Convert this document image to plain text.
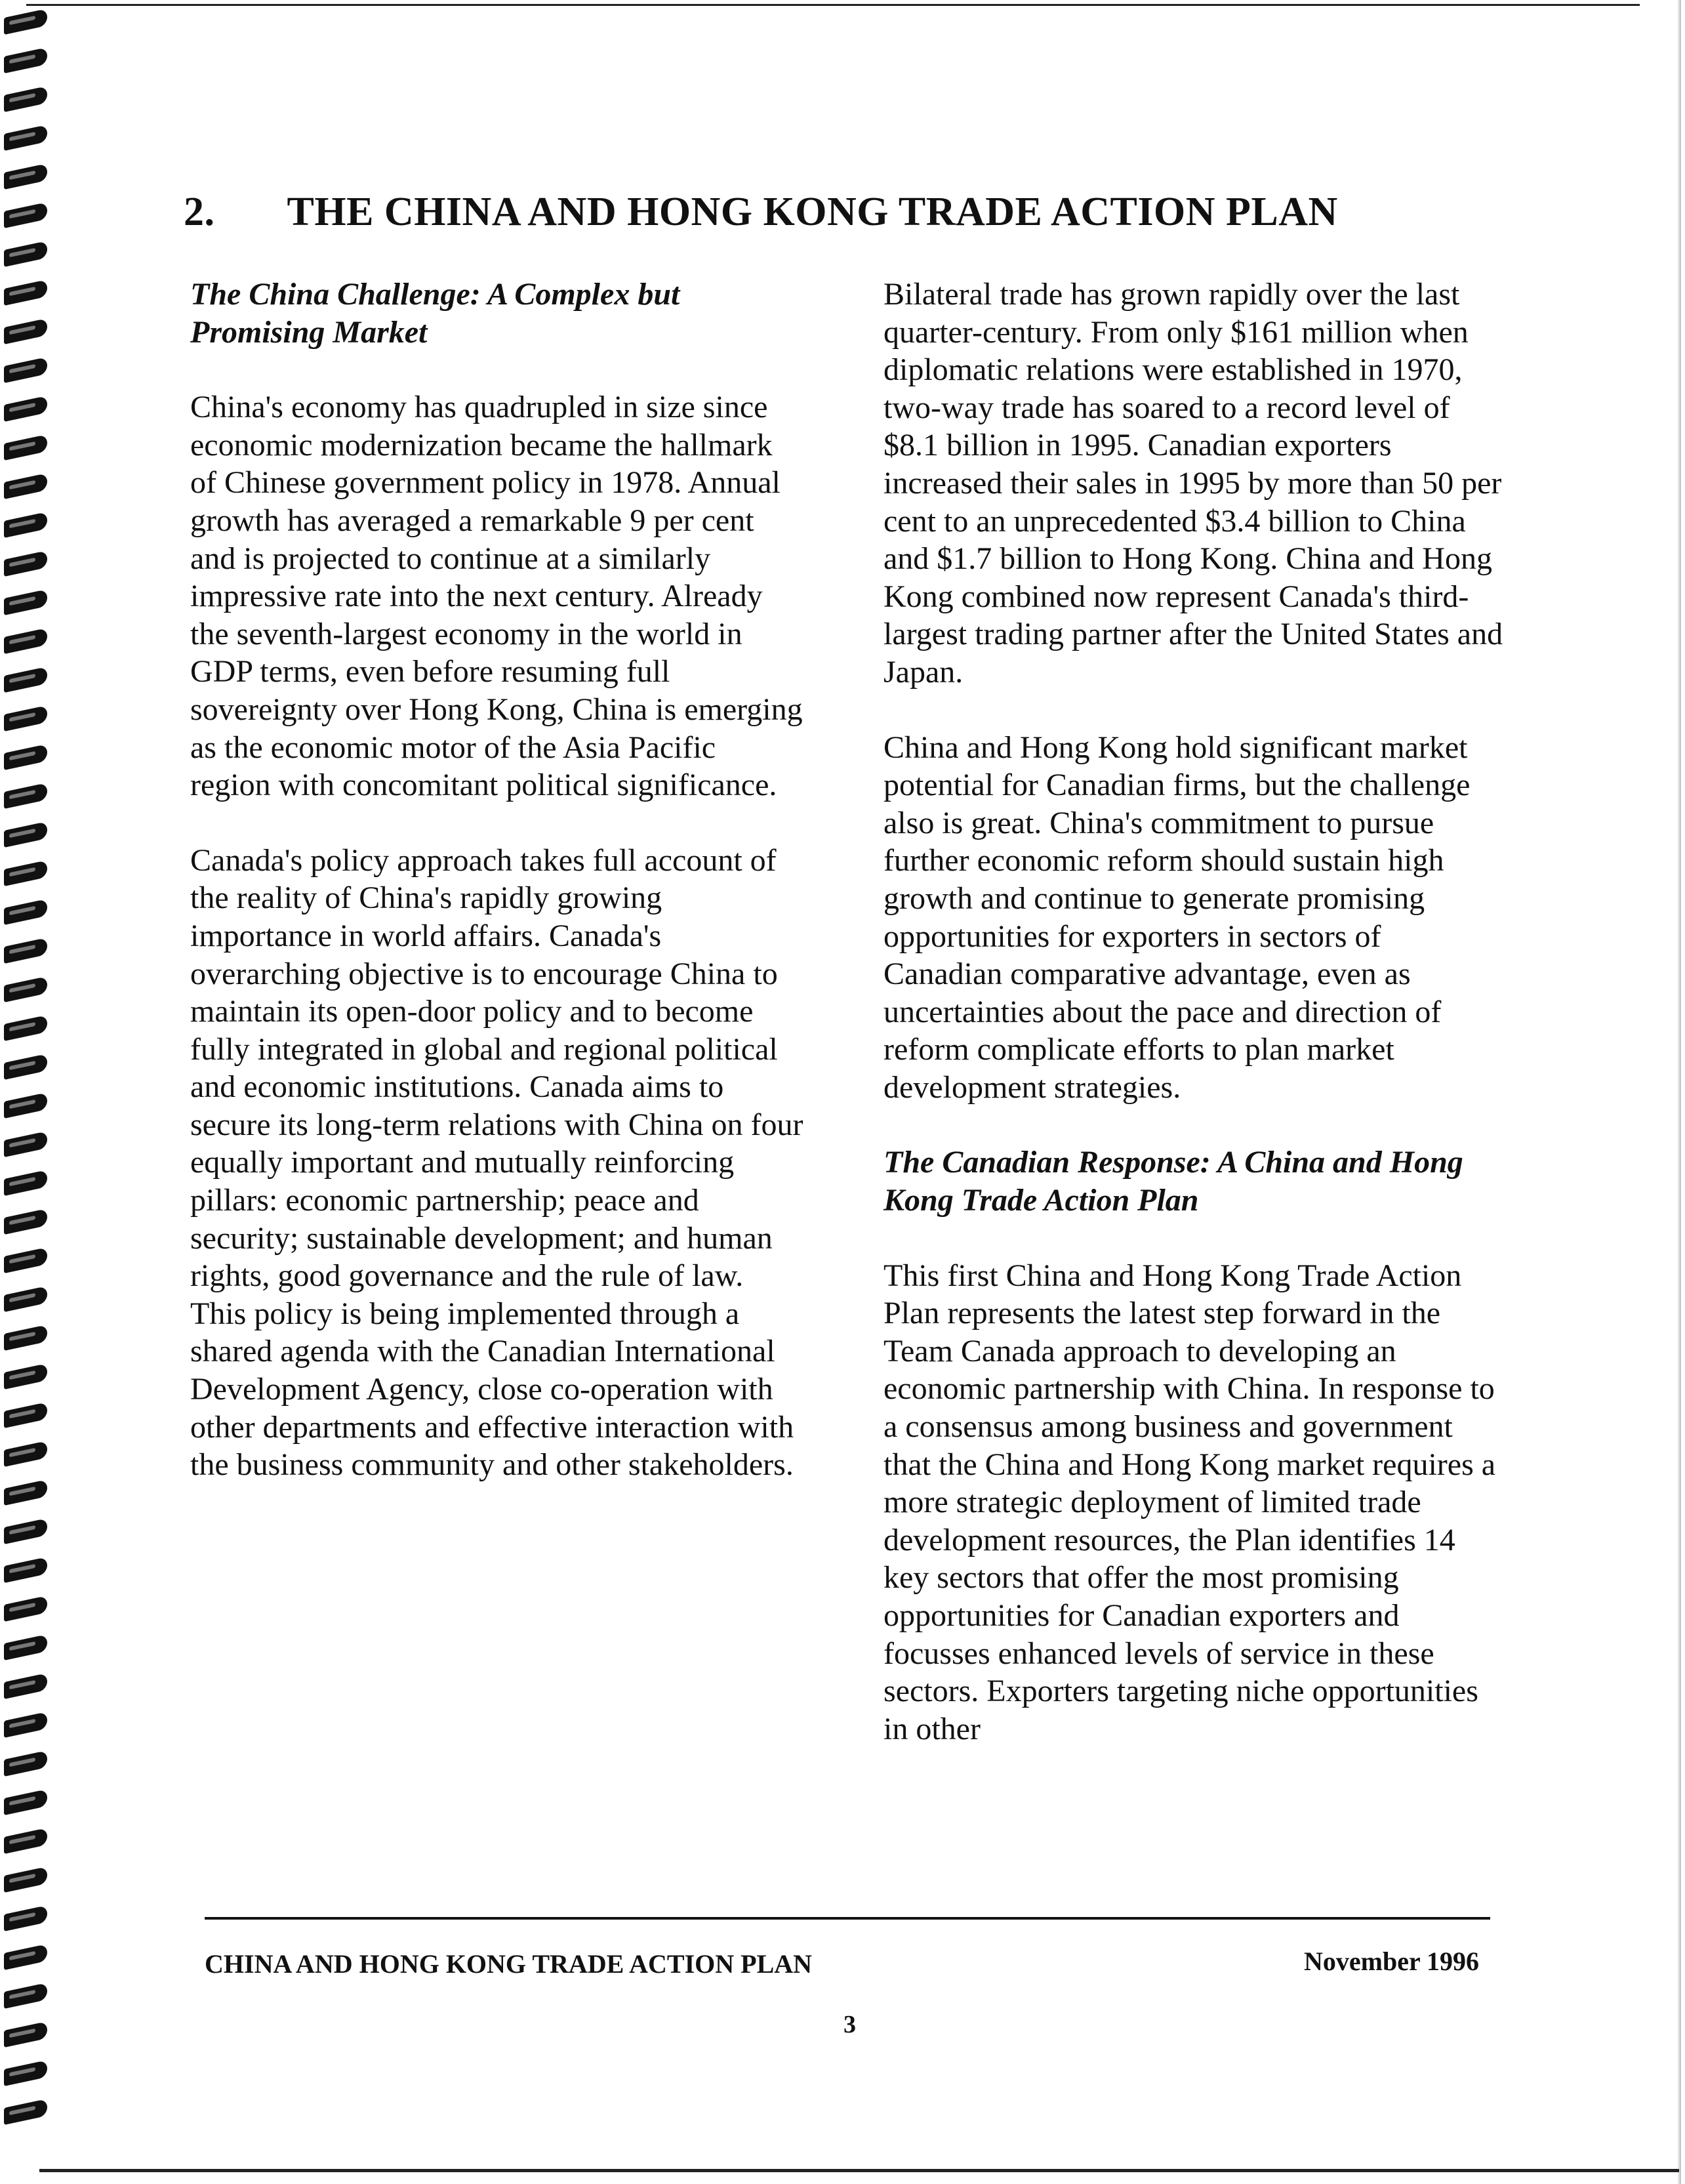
2. THE CHINA AND HONG KONG TRADE ACTION PLAN
The China Challenge: A Complex but Promising Market

China's economy has quadrupled in size since economic modernization became the hallmark of Chinese government policy in 1978. Annual growth has averaged a remarkable 9 per cent and is projected to continue at a similarly impressive rate into the next century. Already the seventh-largest economy in the world in GDP terms, even before resuming full sovereignty over Hong Kong, China is emerging as the economic motor of the Asia Pacific region with concomitant political significance.

Canada's policy approach takes full account of the reality of China's rapidly growing importance in world affairs. Canada's overarching objective is to encourage China to maintain its open-door policy and to become fully integrated in global and regional political and economic institutions. Canada aims to secure its long-term relations with China on four equally important and mutually reinforcing pillars: economic partnership; peace and security; sustainable development; and human rights, good governance and the rule of law. This policy is being implemented through a shared agenda with the Canadian International Development Agency, close co-operation with other departments and effective interaction with the business community and other stakeholders.

Bilateral trade has grown rapidly over the last quarter-century. From only $161 million when diplomatic relations were established in 1970, two-way trade has soared to a record level of $8.1 billion in 1995. Canadian exporters increased their sales in 1995 by more than 50 per cent to an unprecedented $3.4 billion to China and $1.7 billion to Hong Kong. China and Hong Kong combined now represent Canada's third-largest trading partner after the United States and Japan.

China and Hong Kong hold significant market potential for Canadian firms, but the challenge also is great. China's commitment to pursue further economic reform should sustain high growth and continue to generate promising opportunities for exporters in sectors of Canadian comparative advantage, even as uncertainties about the pace and direction of reform complicate efforts to plan market development strategies.

The Canadian Response: A China and Hong Kong Trade Action Plan

This first China and Hong Kong Trade Action Plan represents the latest step forward in the Team Canada approach to developing an economic partnership with China. In response to a consensus among business and government that the China and Hong Kong market requires a more strategic deployment of limited trade development resources, the Plan identifies 14 key sectors that offer the most promising opportunities for Canadian exporters and focusses enhanced levels of service in these sectors. Exporters targeting niche opportunities in other

CHINA AND HONG KONG TRADE ACTION PLAN	November 1996
3
